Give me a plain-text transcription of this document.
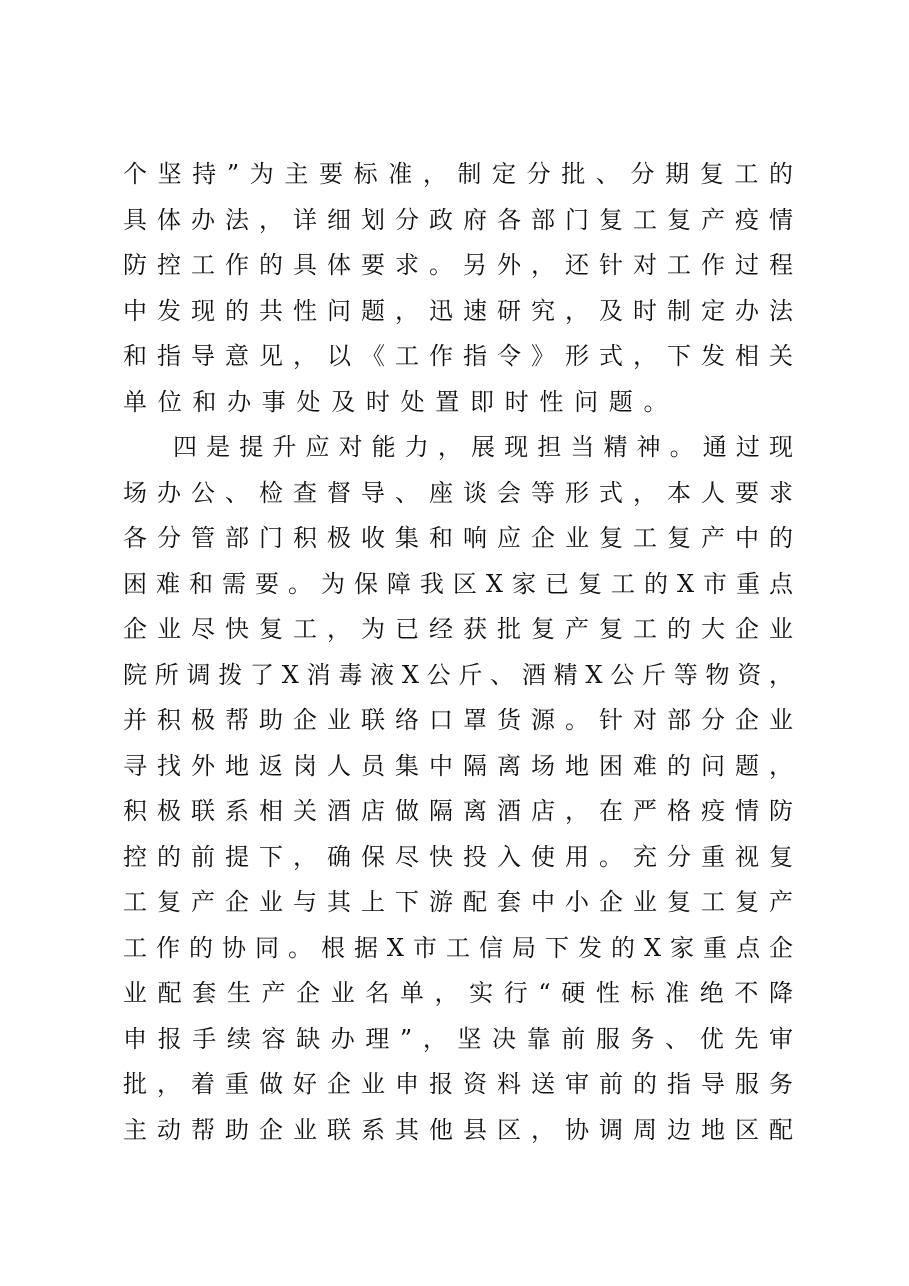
个坚持”为主要标准，制定分批、分期复工的
具体办法，详细划分政府各部门复工复产疫情
防控工作的具体要求。另外，还针对工作过程
中发现的共性问题，迅速研究，及时制定办法
和指导意见，以《工作指令》形式，下发相关
单位和办事处及时处置即时性问题。
四是提升应对能力，展现担当精神。通过现
场办公、检查督导、座谈会等形式，本人要求
各分管部门积极收集和响应企业复工复产中的
困难和需要。为保障我区X家已复工的X市重点
企业尽快复工，为已经获批复产复工的大企业
院所调拨了X消毒液X公斤、酒精X公斤等物资，
并积极帮助企业联络口罩货源。针对部分企业
寻找外地返岗人员集中隔离场地困难的问题，
积极联系相关酒店做隔离酒店，在严格疫情防
控的前提下，确保尽快投入使用。充分重视复
工复产企业与其上下游配套中小企业复工复产
工作的协同。根据X市工信局下发的X家重点企
业配套生产企业名单，实行“硬性标准绝不降
申报手续容缺办理”，坚决靠前服务、优先审
批，着重做好企业申报资料送审前的指导服务
主动帮助企业联系其他县区，协调周边地区配
